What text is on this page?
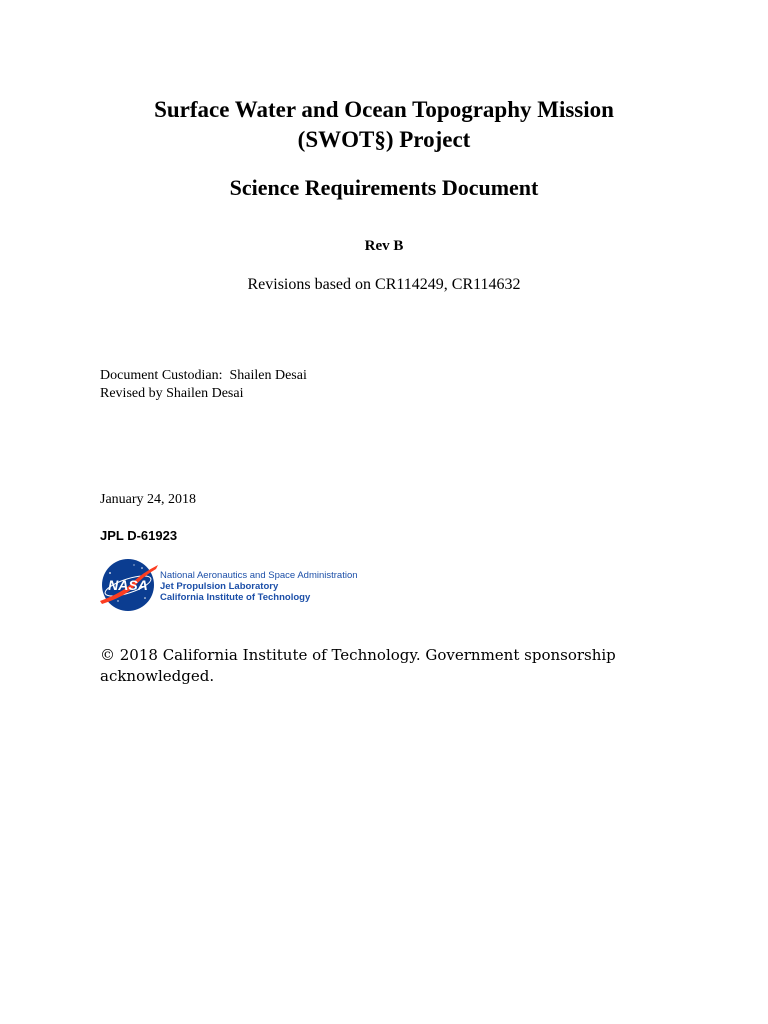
Surface Water and Ocean Topography Mission
(SWOT§) Project
Science Requirements Document
Rev B
Revisions based on CR114249, CR114632
Document Custodian:  Shailen Desai
Revised by Shailen Desai
January 24, 2018
JPL D-61923
NASA
National Aeronautics and Space Administration
Jet Propulsion Laboratory
California Institute of Technology
© 2018 California Institute of Technology. Government sponsorship acknowledged.
